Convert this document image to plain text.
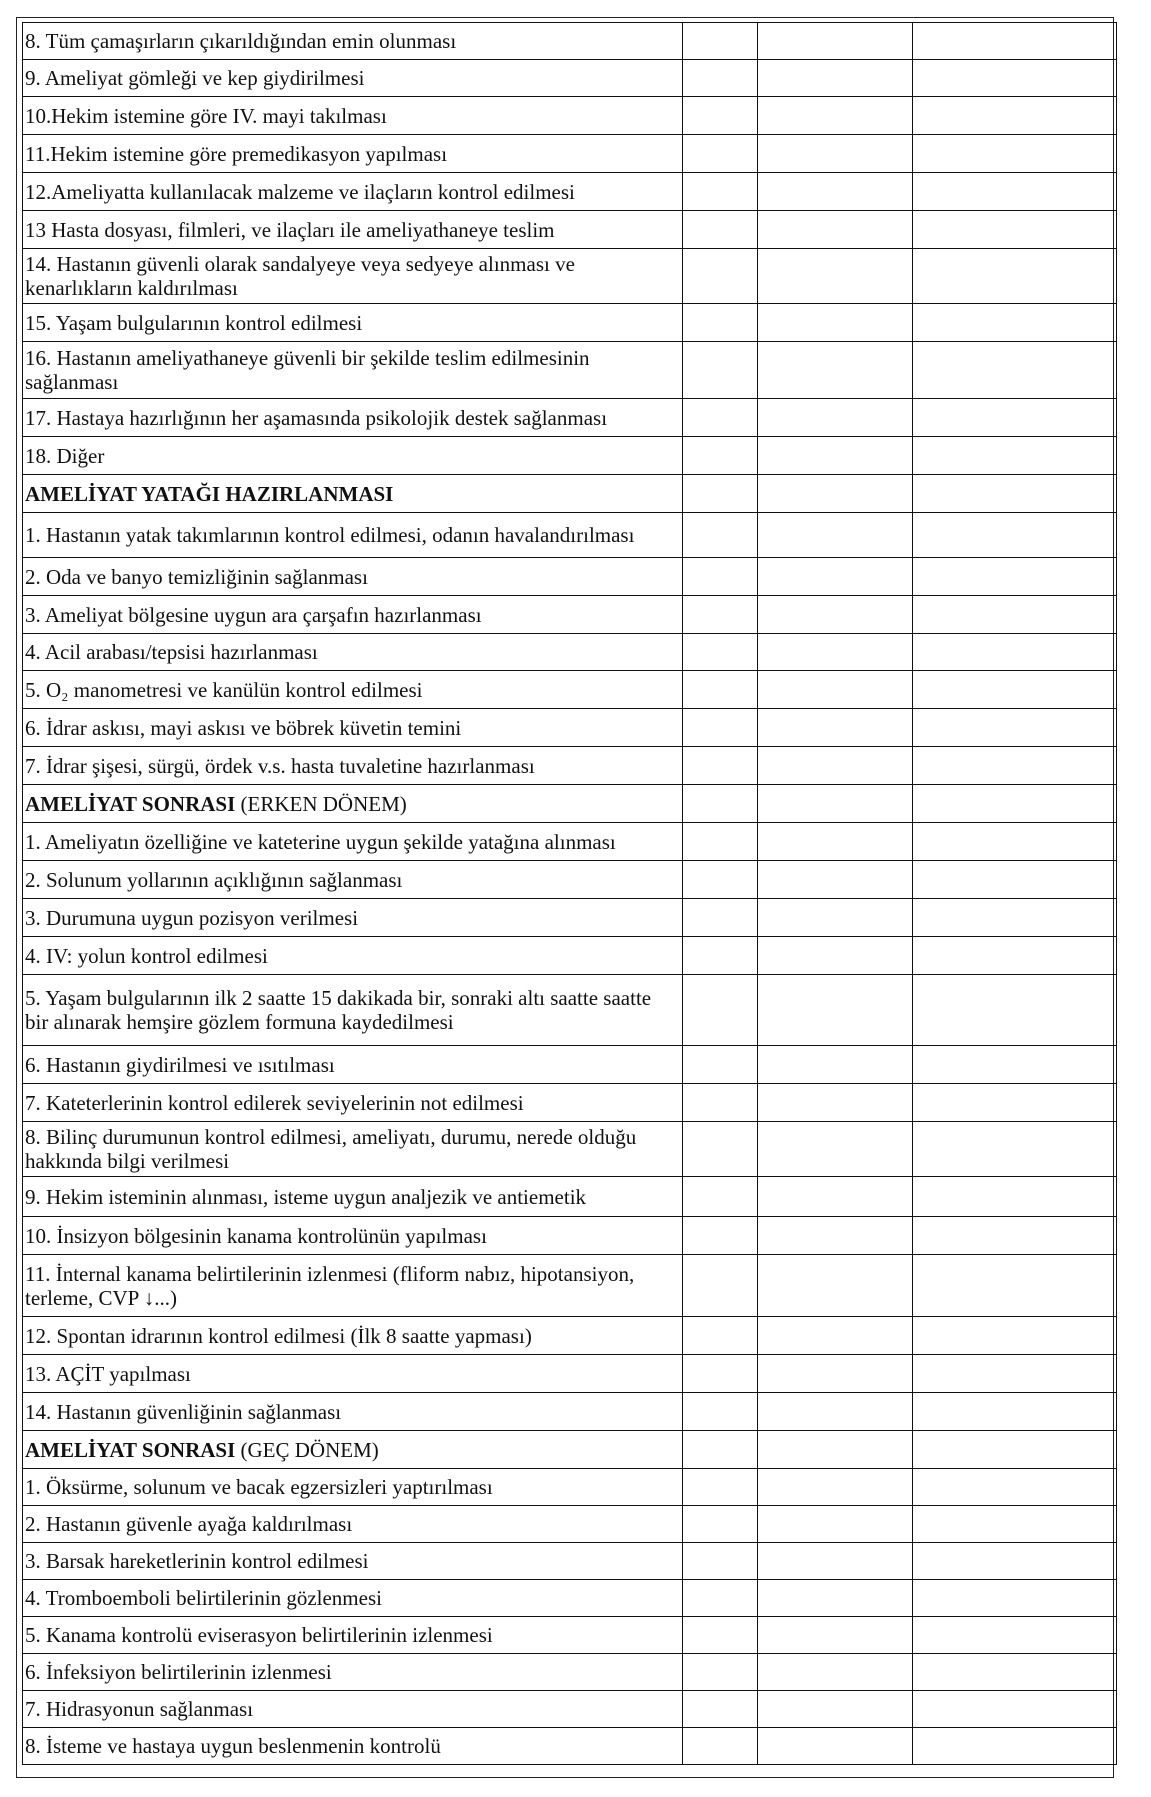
8. Tüm çamaşırların çıkarıldığından emin olunması			
9. Ameliyat gömleği ve kep giydirilmesi			
10.Hekim istemine göre IV. mayi takılması			
11.Hekim istemine göre premedikasyon yapılması			
12.Ameliyatta kullanılacak malzeme ve ilaçların kontrol edilmesi			
13 Hasta dosyası, filmleri, ve ilaçları ile ameliyathaneye teslim			
14. Hastanın güvenli olarak sandalyeye veya sedyeye alınması ve kenarlıkların kaldırılması			
15. Yaşam bulgularının kontrol edilmesi			
16. Hastanın ameliyathaneye güvenli bir şekilde teslim edilmesinin sağlanması			
17. Hastaya hazırlığının her aşamasında psikolojik destek sağlanması			
18. Diğer			
AMELİYAT YATAĞI HAZIRLANMASI			
1. Hastanın yatak takımlarının kontrol edilmesi, odanın havalandırılması			
2. Oda ve banyo temizliğinin sağlanması			
3. Ameliyat bölgesine uygun ara çarşafın hazırlanması			
4. Acil arabası/tepsisi hazırlanması			
5. O₂ manometresi ve kanülün kontrol edilmesi			
6. İdrar askısı, mayi askısı ve böbrek küvetin temini			
7. İdrar şişesi, sürgü, ördek v.s. hasta tuvaletine hazırlanması			
AMELİYAT SONRASI (ERKEN DÖNEM)			
1. Ameliyatın özelliğine ve kateterine uygun şekilde yatağına alınması			
2. Solunum yollarının açıklığının sağlanması			
3. Durumuna uygun pozisyon verilmesi			
4. IV: yolun kontrol edilmesi			
5. Yaşam bulgularının ilk 2 saatte 15 dakikada bir, sonraki altı saatte saatte bir alınarak hemşire gözlem formuna kaydedilmesi			
6. Hastanın giydirilmesi ve ısıtılması			
7. Kateterlerinin kontrol edilerek seviyelerinin not edilmesi			
8. Bilinç durumunun kontrol edilmesi, ameliyatı, durumu, nerede olduğu hakkında bilgi verilmesi			
9. Hekim isteminin alınması, isteme uygun analjezik ve antiemetik			
10. İnsizyon bölgesinin kanama kontrolünün yapılması			
11. İnternal kanama belirtilerinin izlenmesi (fliform nabız, hipotansiyon, terleme, CVP ↓...)			
12. Spontan idrarının kontrol edilmesi (İlk 8 saatte yapması)			
13. AÇİT yapılması			
14. Hastanın güvenliğinin sağlanması			
AMELİYAT SONRASI (GEÇ DÖNEM)			
1. Öksürme, solunum ve bacak egzersizleri yaptırılması			
2. Hastanın güvenle ayağa kaldırılması			
3. Barsak hareketlerinin kontrol edilmesi			
4. Tromboemboli belirtilerinin gözlenmesi			
5. Kanama kontrolü eviserasyon belirtilerinin izlenmesi			
6. İnfeksiyon belirtilerinin izlenmesi			
7. Hidrasyonun sağlanması			
8. İsteme ve hastaya uygun beslenmenin kontrolü			
